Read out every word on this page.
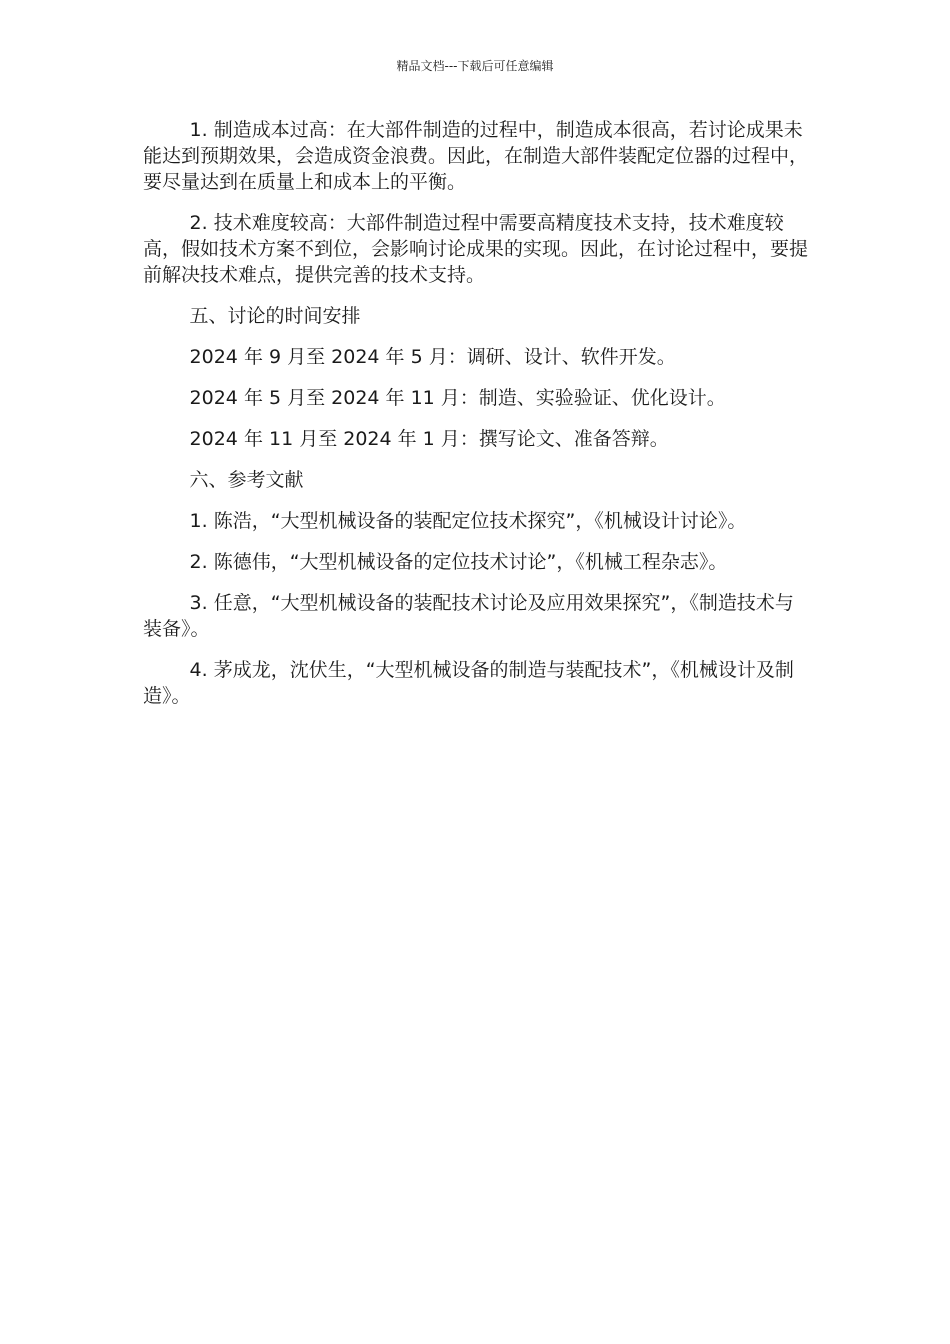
精品文档---下载后可任意编辑

1. 制造成本过高：在大部件制造的过程中，制造成本很高，若讨论成果未能达到预期效果，会造成资金浪费。因此，在制造大部件装配定位器的过程中，要尽量达到在质量上和成本上的平衡。

2. 技术难度较高：大部件制造过程中需要高精度技术支持，技术难度较高，假如技术方案不到位，会影响讨论成果的实现。因此，在讨论过程中，要提前解决技术难点，提供完善的技术支持。

五、讨论的时间安排

2024 年 9 月至 2024 年 5 月：调研、设计、软件开发。

2024 年 5 月至 2024 年 11 月：制造、实验验证、优化设计。

2024 年 11 月至 2024 年 1 月：撰写论文、准备答辩。

六、参考文献

1. 陈浩，“大型机械设备的装配定位技术探究”，《机械设计讨论》。

2. 陈德伟，“大型机械设备的定位技术讨论”，《机械工程杂志》。

3. 任意，“大型机械设备的装配技术讨论及应用效果探究”，《制造技术与装备》。

4. 茅成龙，沈伏生，“大型机械设备的制造与装配技术”，《机械设计及制造》。
